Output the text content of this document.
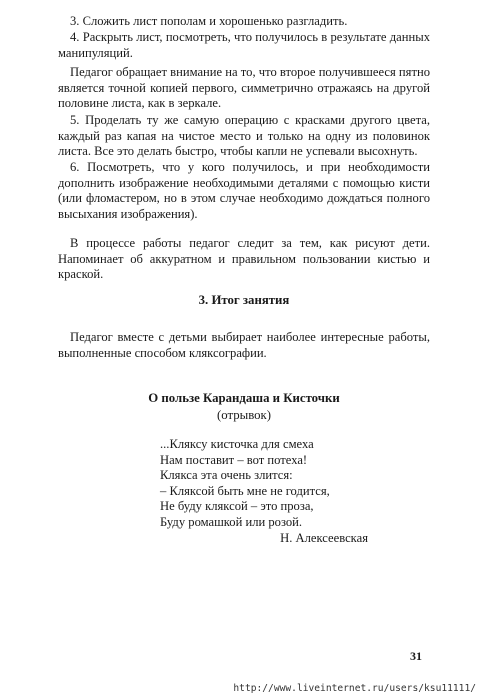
3. Сложить лист пополам и хорошенько разгладить.

4. Раскрыть лист, посмотреть, что получилось в результате данных манипуляций.

Педагог обращает внимание на то, что второе получившееся пятно является точной копией первого, симметрично отражаясь на другой половине листа, как в зеркале.

5. Проделать ту же самую операцию с красками другого цвета, каждый раз капая на чистое место и только на одну из половинок листа. Все это делать быстро, чтобы капли не успевали высохнуть.

6. Посмотреть, что у кого получилось, и при необходимости дополнить изображение необходимыми деталями с помощью кисти (или фломастером, но в этом случае необходимо дождаться полного высыхания изображения).

В процессе работы педагог следит за тем, как рисуют дети. Напоминает об аккуратном и правильном пользовании кистью и краской.

3. Итог занятия

Педагог вместе с детьми выбирает наиболее интересные работы, выполненные способом кляксографии.

О пользе Карандаша и Кисточки

(отрывок)

...Кляксу кисточка для смеха
Нам поставит – вот потеха!
Клякса эта очень злится:
– Кляксой быть мне не годится,
Не буду кляксой – это проза,
Буду ромашкой или розой.

Н. Алексеевская

31
http://www.liveinternet.ru/users/ksu11111/
